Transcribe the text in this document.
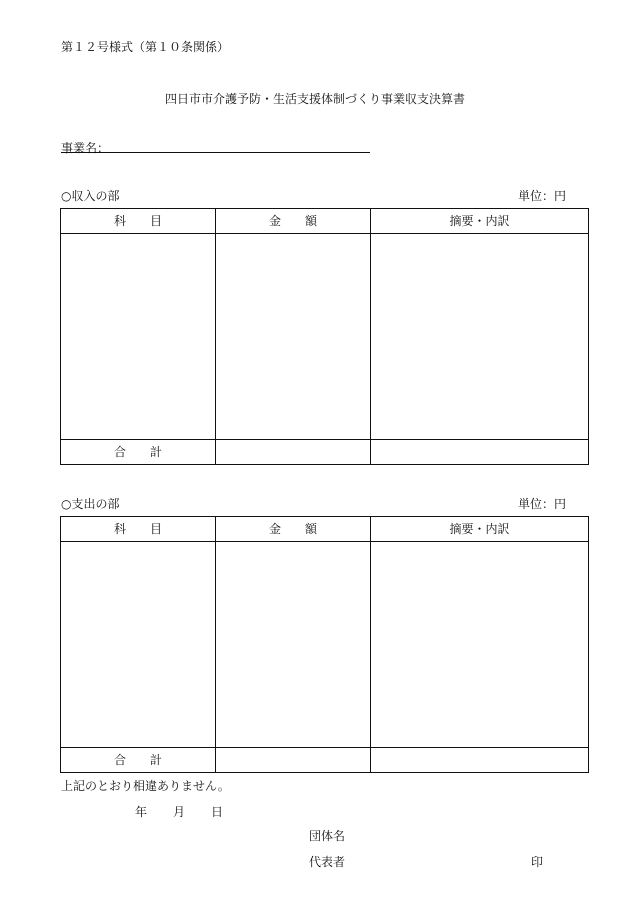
第１２号様式（第１０条関係）
四日市市介護予防・生活支援体制づくり事業収支決算書
事業名：
○収入の部	単位：円
科　　目	金　　額	摘要・内訳

合　　計		
○支出の部	単位：円
科　　目	金　　額	摘要・内訳

合　　計		
上記のとおり相違ありません。
年 月 日
団体名
代表者	印
